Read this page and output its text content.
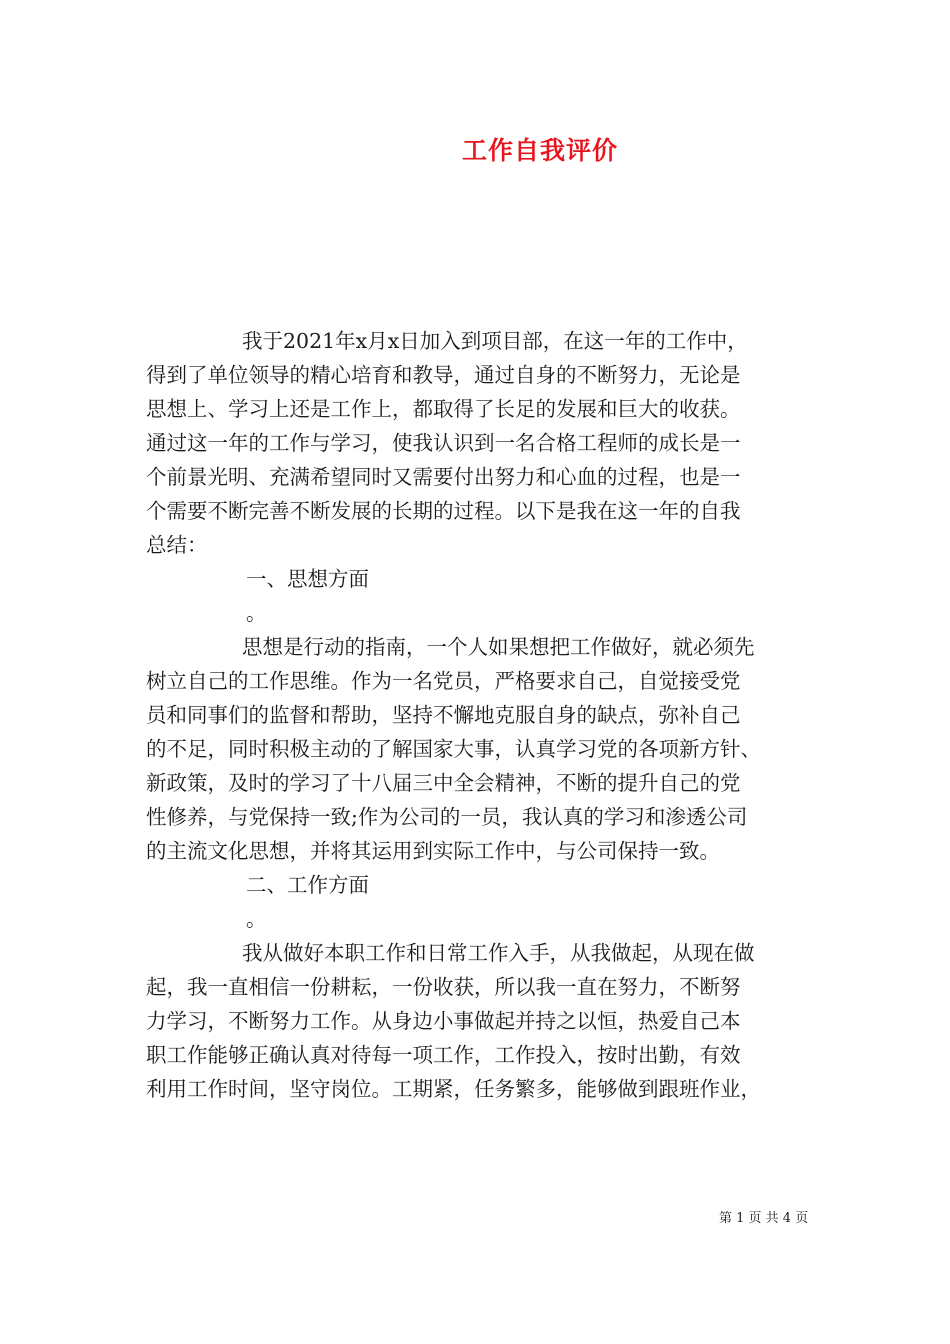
工作自我评价
我于2021年x月x日加入到项目部，在这一年的工作中，
得到了单位领导的精心培育和教导，通过自身的不断努力，无论是
思想上、学习上还是工作上，都取得了长足的发展和巨大的收获。
通过这一年的工作与学习，使我认识到一名合格工程师的成长是一
个前景光明、充满希望同时又需要付出努力和心血的过程，也是一
个需要不断完善不断发展的长期的过程。以下是我在这一年的自我
总结：
一、思想方面
。
思想是行动的指南，一个人如果想把工作做好，就必须先
树立自己的工作思维。作为一名党员，严格要求自己，自觉接受党
员和同事们的监督和帮助，坚持不懈地克服自身的缺点，弥补自己
的不足，同时积极主动的了解国家大事，认真学习党的各项新方针、
新政策，及时的学习了十八届三中全会精神，不断的提升自己的党
性修养，与党保持一致;作为公司的一员，我认真的学习和渗透公司
的主流文化思想，并将其运用到实际工作中，与公司保持一致。
二、工作方面
。
我从做好本职工作和日常工作入手，从我做起，从现在做
起，我一直相信一份耕耘，一份收获，所以我一直在努力，不断努
力学习，不断努力工作。从身边小事做起并持之以恒，热爱自己本
职工作能够正确认真对待每一项工作，工作投入，按时出勤，有效
利用工作时间，坚守岗位。工期紧，任务繁多，能够做到跟班作业，
第 1 页 共 4 页
